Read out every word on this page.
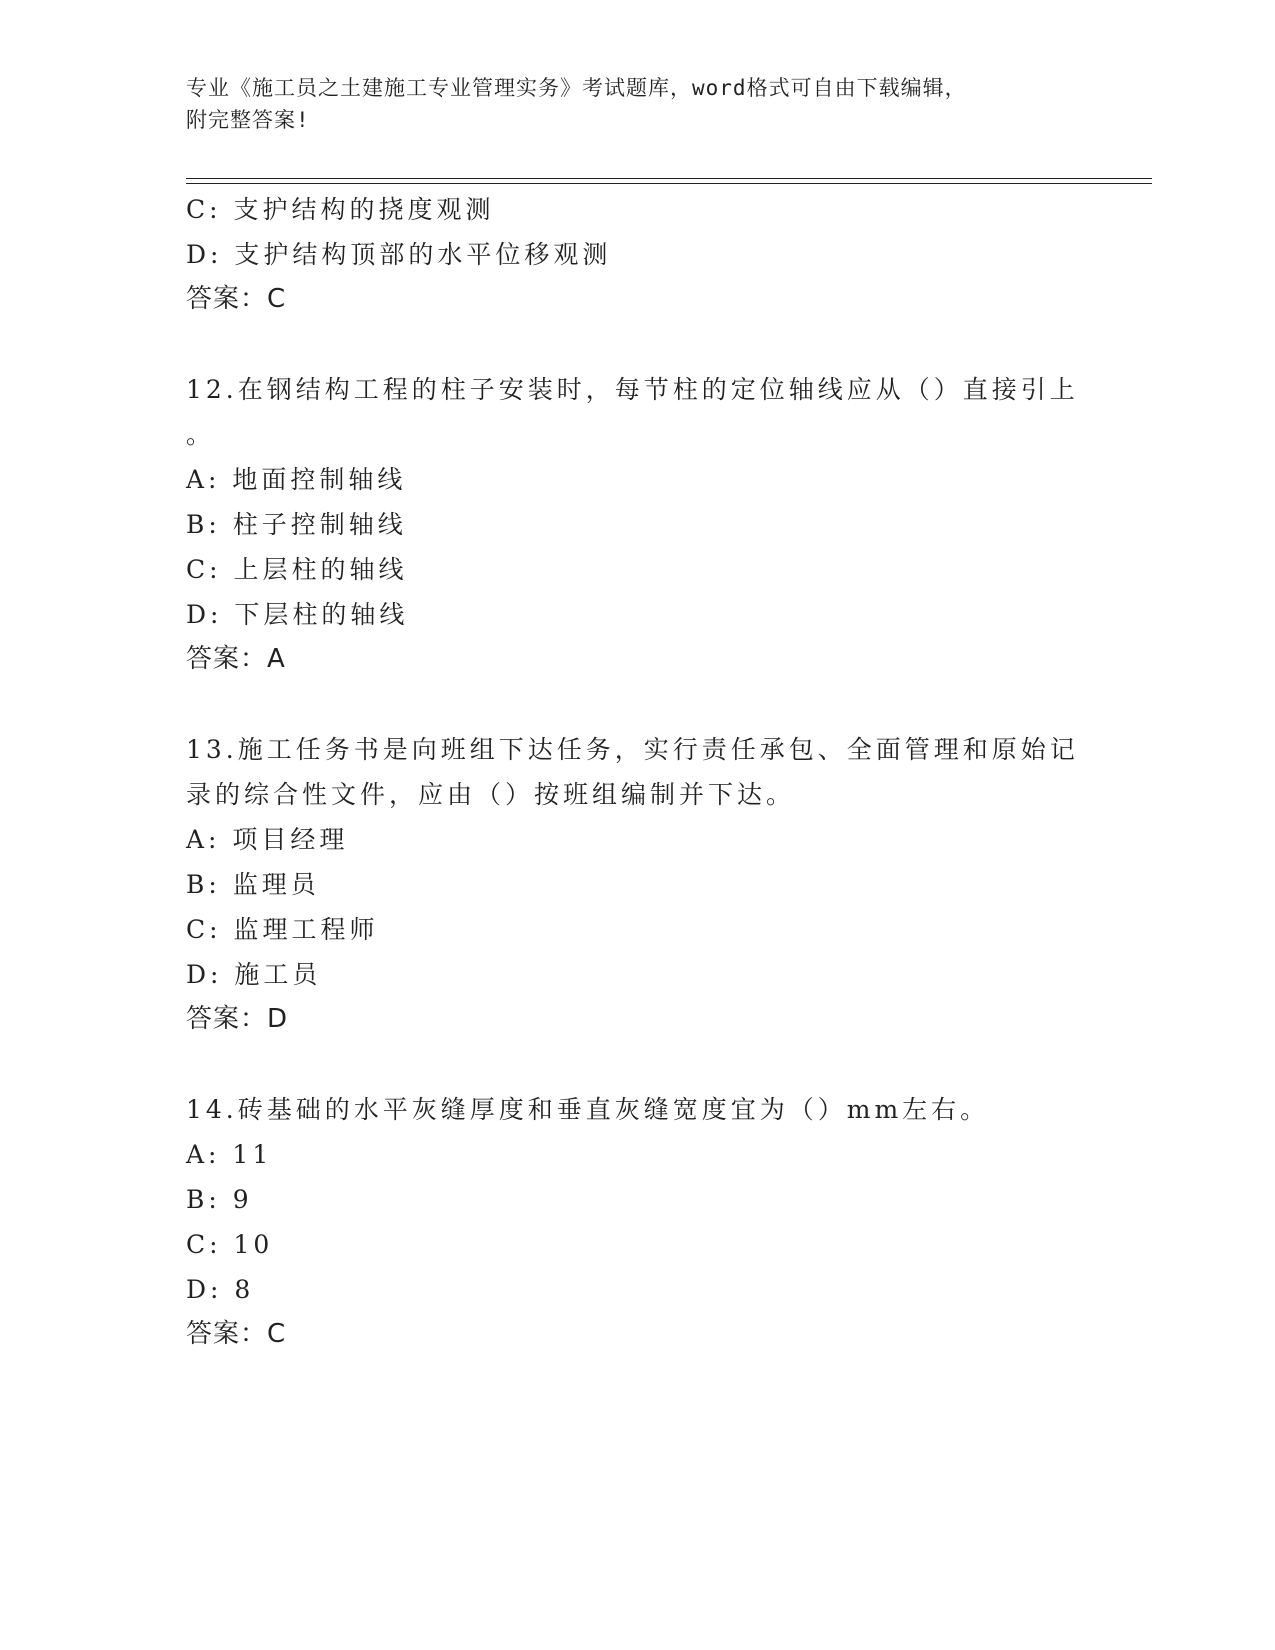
专业《施工员之土建施工专业管理实务》考试题库，word格式可自由下载编辑，
附完整答案!
C: 支护结构的挠度观测
D: 支护结构顶部的水平位移观测
答案：C
12.在钢结构工程的柱子安装时，每节柱的定位轴线应从（）直接引上
。
A: 地面控制轴线
B: 柱子控制轴线
C: 上层柱的轴线
D: 下层柱的轴线
答案：A
13.施工任务书是向班组下达任务，实行责任承包、全面管理和原始记
录的综合性文件，应由（）按班组编制并下达。
A: 项目经理
B: 监理员
C: 监理工程师
D: 施工员
答案：D
14.砖基础的水平灰缝厚度和垂直灰缝宽度宜为（）mm左右。
A: 11
B: 9
C: 10
D: 8
答案：C
